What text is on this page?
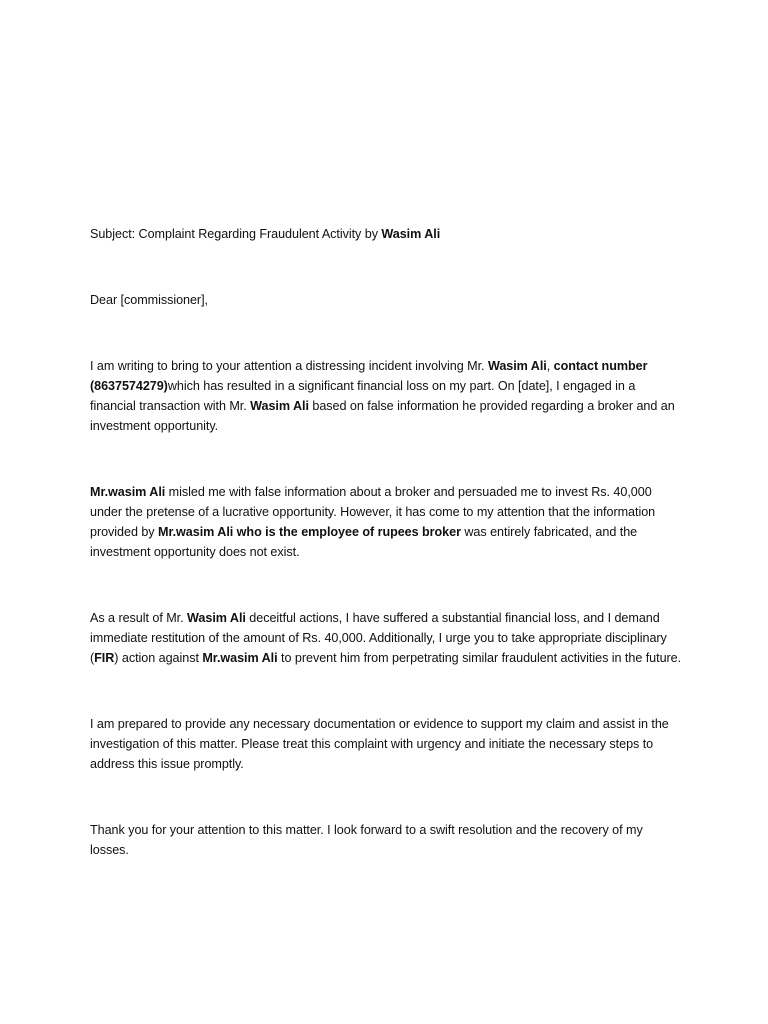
Subject: Complaint Regarding Fraudulent Activity by Wasim Ali

Dear [commissioner],

I am writing to bring to your attention a distressing incident involving Mr. Wasim Ali, contact number (8637574279)which has resulted in a significant financial loss on my part. On [date], I engaged in a financial transaction with Mr. Wasim Ali based on false information he provided regarding a broker and an investment opportunity.

Mr.wasim Ali misled me with false information about a broker and persuaded me to invest Rs. 40,000 under the pretense of a lucrative opportunity. However, it has come to my attention that the information provided by Mr.wasim Ali who is the employee of rupees broker was entirely fabricated, and the investment opportunity does not exist.

As a result of Mr. Wasim Ali deceitful actions, I have suffered a substantial financial loss, and I demand immediate restitution of the amount of Rs. 40,000. Additionally, I urge you to take appropriate disciplinary (FIR) action against Mr.wasim Ali to prevent him from perpetrating similar fraudulent activities in the future.

I am prepared to provide any necessary documentation or evidence to support my claim and assist in the investigation of this matter. Please treat this complaint with urgency and initiate the necessary steps to address this issue promptly.

Thank you for your attention to this matter. I look forward to a swift resolution and the recovery of my losses.
